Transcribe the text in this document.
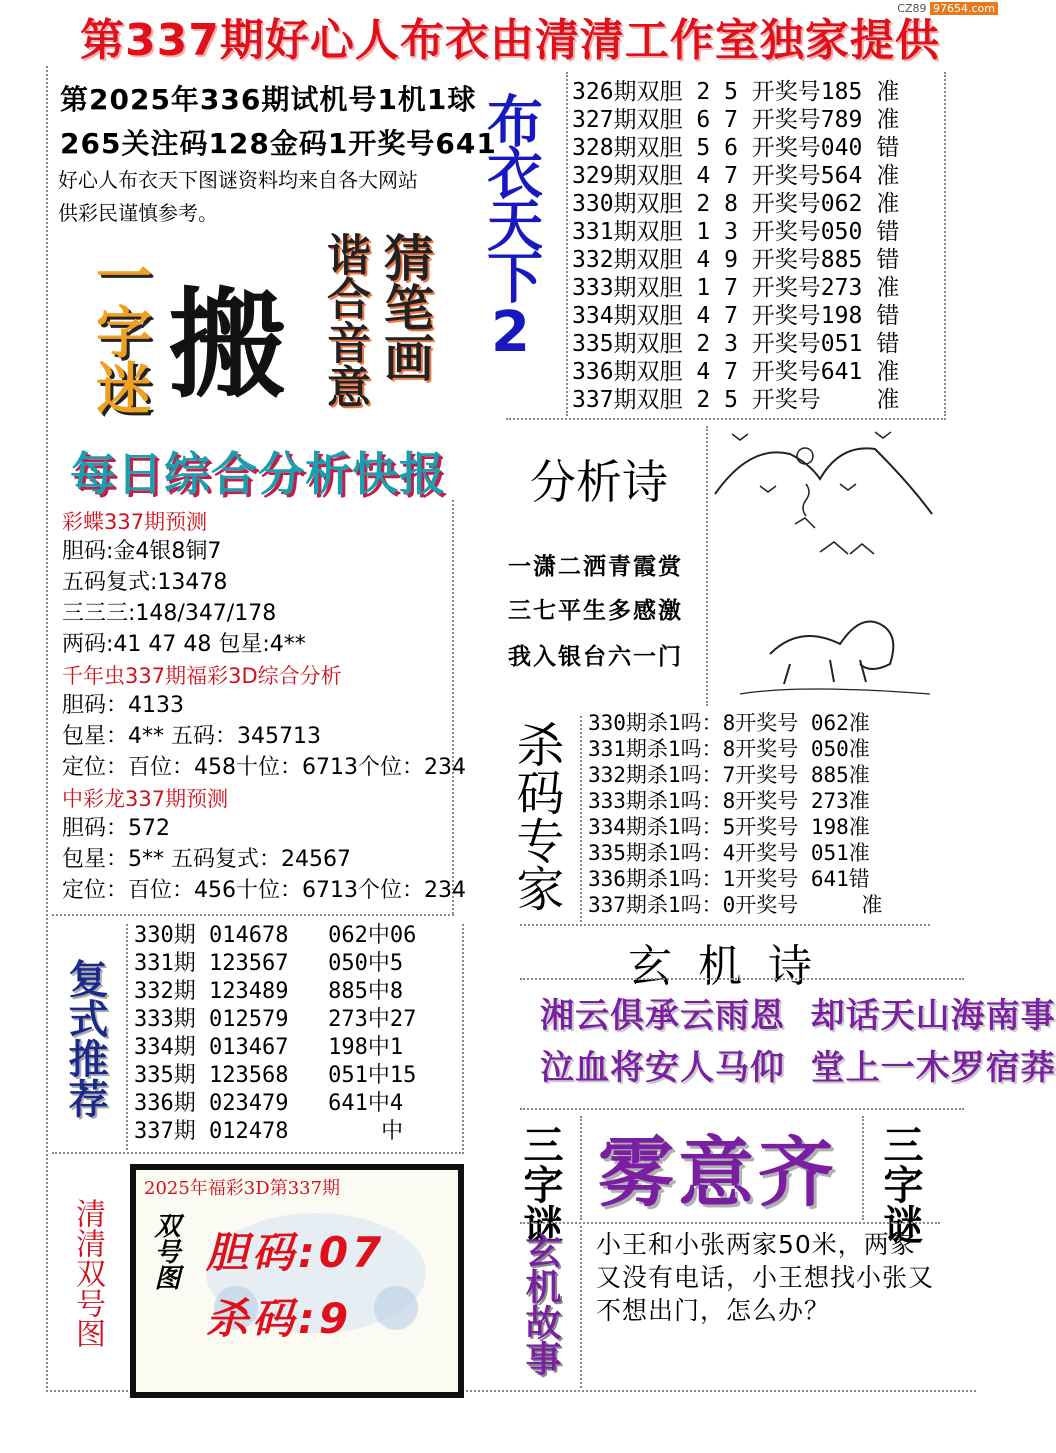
CZ89 97654.com
第337期好心人布衣由清清工作室独家提供
第2025年336期试机号1机1球
265关注码128金码1开奖号641
好心人布衣天下图谜资料均来自各大网站
供彩民谨慎参考。	布衣天下2 326期双胆 2 5 开奖号185 准
327期双胆 6 7 开奖号789 准
328期双胆 5 6 开奖号040 错
329期双胆 4 7 开奖号564 准
330期双胆 2 8 开奖号062 准
331期双胆 1 3 开奖号050 错
332期双胆 4 9 开奖号885 错
333期双胆 1 7 开奖号273 准
334期双胆 4 7 开奖号198 错
335期双胆 2 3 开奖号051 错
336期双胆 4 7 开奖号641 准
337期双胆 2 5 开奖号   准
一字迷 搬 猜笔画
谐合音意
每日综合分析快报
彩蝶337期预测
胆码:金4银8铜7
五码复式:13478
三三三:148/347/178
两码:41 47 48 包星:4**
千年虫337期福彩3D综合分析
胆码：4133
包星：4** 五码：345713
定位：百位：458十位：6713个位：234
中彩龙337期预测
胆码：572
包星：5** 五码复式：24567
定位：百位：456十位：6713个位：234
分析诗
一潇二洒青霞赏
三七平生多感激
我入银台六一门
杀码专家 330期杀1吗：8开奖号 062准
331期杀1吗：8开奖号 050准
332期杀1吗：7开奖号 885准
333期杀1吗：8开奖号 273准
334期杀1吗：5开奖号 198准
335期杀1吗：4开奖号 051准
336期杀1吗：1开奖号 641错
337期杀1吗：0开奖号     准
复式推荐
330期 014678   062中06
331期 123567   050中5
332期 123489   885中8
333期 012579   273中27
334期 013467   198中1
335期 123568   051中15
336期 023479   641中4
337期 012478       中
玄 机 诗
湘云俱承云雨恩  却话天山海南事
泣血将安人马仰  堂上一木罗宿莽
三字谜 雾意齐 三字谜
清清双号图
2025年福彩3D第337期
双号图 胆码:07
杀码:9	玄机故事 小王和小张两家50米，两家又没有电话，小王想找小张又不想出门，怎么办？
